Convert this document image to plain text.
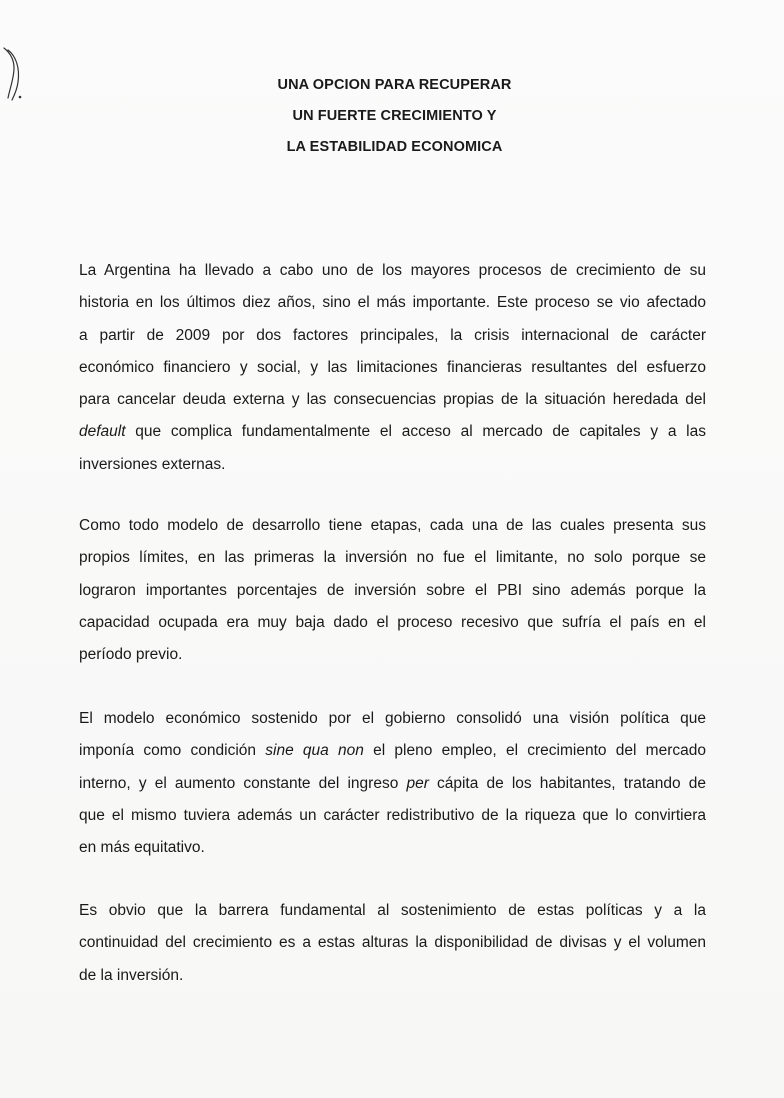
UNA OPCION PARA RECUPERAR
UN FUERTE CRECIMIENTO Y
LA ESTABILIDAD ECONOMICA
La Argentina ha llevado a cabo uno de los mayores procesos de crecimiento de su
historia en los últimos diez años, sino el más importante. Este proceso se vio afectado
a partir de 2009 por dos factores principales, la crisis internacional de carácter
económico financiero y social, y las limitaciones financieras resultantes del esfuerzo
para cancelar deuda externa y las consecuencias propias de la situación heredada del
default que complica fundamentalmente el acceso al mercado de capitales y a las
inversiones externas.
Como todo modelo de desarrollo tiene etapas, cada una de las cuales presenta sus
propios límites, en las primeras la inversión no fue el limitante, no solo porque se
lograron importantes porcentajes de inversión sobre el PBI sino además porque la
capacidad ocupada era muy baja dado el proceso recesivo que sufría el país en el
período previo.
El modelo económico sostenido por el gobierno consolidó una visión política que
imponía como condición sine qua non el pleno empleo, el crecimiento del mercado
interno, y el aumento constante del ingreso per cápita de los habitantes, tratando de
que el mismo tuviera además un carácter redistributivo de la riqueza que lo convirtiera
en más equitativo.
Es obvio que la barrera fundamental al sostenimiento de estas políticas y a la
continuidad del crecimiento es a estas alturas la disponibilidad de divisas y el volumen
de la inversión.
